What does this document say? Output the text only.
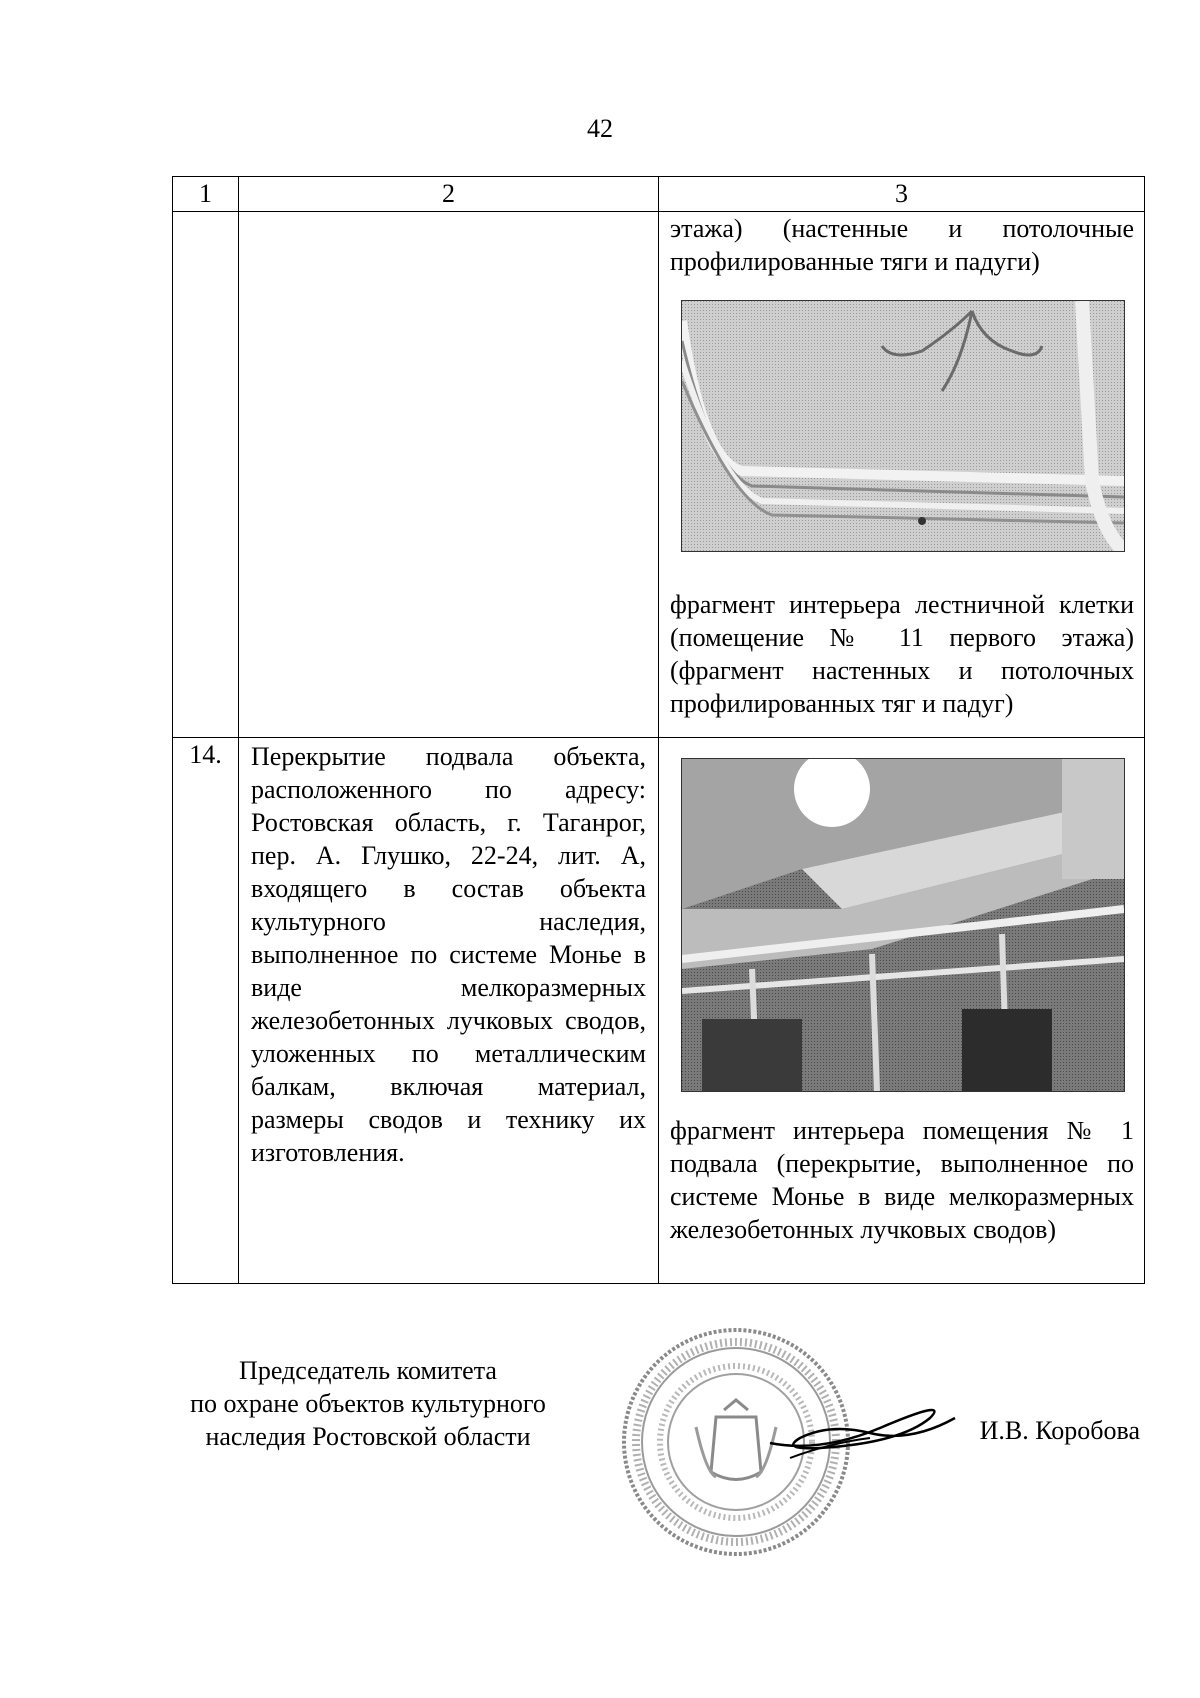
42
1	2	3

		этажа) (настенные и потолочные профилированные тяги и падуги)
фрагмент интерьера лестничной клетки (помещение № 11 первого этажа) (фрагмент настенных и потолочных профилированных тяг и падуг)

14.	Перекрытие подвала объекта, расположенного по адресу: Ростовская область, г. Таганрог, пер. А. Глушко, 22-24, лит. А, входящего в состав объекта культурного наследия, выполненное по системе Монье в виде мелкоразмерных железобетонных лучковых сводов, уложенных по металлическим балкам, включая материал, размеры сводов и технику их изготовления.	фрагмент интерьера помещения № 1 подвала (перекрытие, выполненное по системе Монье в виде мелкоразмерных железобетонных лучковых сводов)
Председатель комитета
по охране объектов культурного
наследия Ростовской области	И.В. Коробова
